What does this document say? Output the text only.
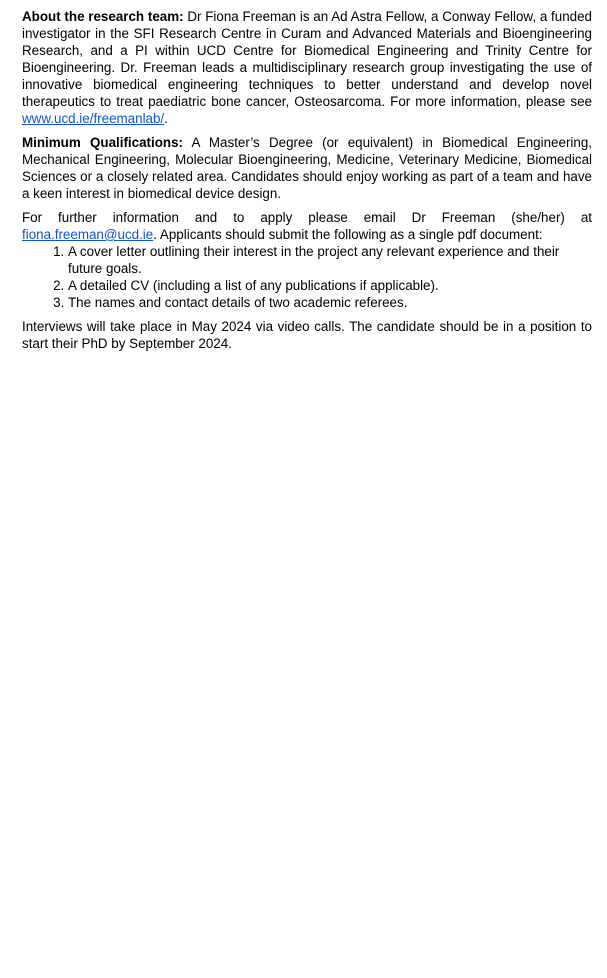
About the research team: Dr Fiona Freeman is an Ad Astra Fellow, a Conway Fellow, a funded investigator in the SFI Research Centre in Curam and Advanced Materials and Bioengineering Research, and a PI within UCD Centre for Biomedical Engineering and Trinity Centre for Bioengineering. Dr. Freeman leads a multidisciplinary research group investigating the use of innovative biomedical engineering techniques to better understand and develop novel therapeutics to treat paediatric bone cancer, Osteosarcoma. For more information, please see www.ucd.ie/freemanlab/.

Minimum Qualifications: A Master’s Degree (or equivalent) in Biomedical Engineering, Mechanical Engineering, Molecular Bioengineering, Medicine, Veterinary Medicine, Biomedical Sciences or a closely related area. Candidates should enjoy working as part of a team and have a keen interest in biomedical device design.

For further information and to apply please email Dr Freeman (she/her) at fiona.freeman@ucd.ie. Applicants should submit the following as a single pdf document:

1. A cover letter outlining their interest in the project any relevant experience and their future goals.
2. A detailed CV (including a list of any publications if applicable).
3. The names and contact details of two academic referees.

Interviews will take place in May 2024 via video calls. The candidate should be in a position to start their PhD by September 2024.
